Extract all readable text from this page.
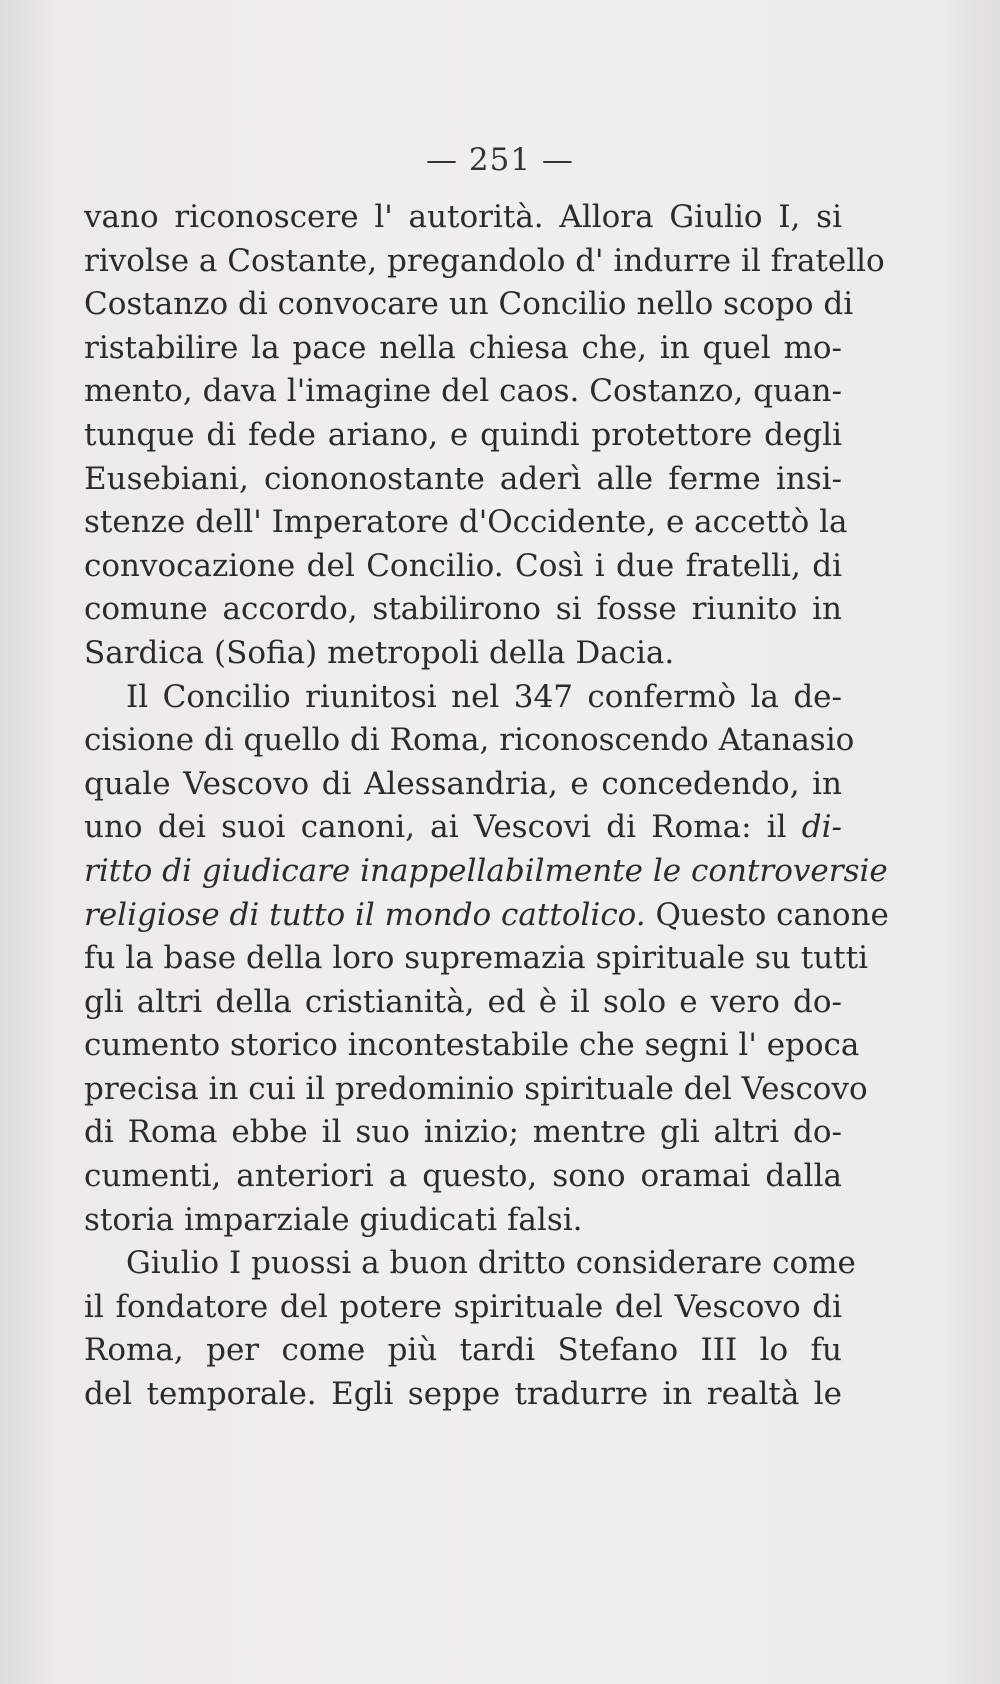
— 251 —
vano riconoscere l' autorità. Allora Giulio I, si
rivolse a Costante, pregandolo d' indurre il fratello
Costanzo di convocare un Concilio nello scopo di
ristabilire la pace nella chiesa che, in quel mo-
mento, dava l'imagine del caos. Costanzo, quan-
tunque di fede ariano, e quindi protettore degli
Eusebiani, ciononostante aderì alle ferme insi-
stenze dell' Imperatore d'Occidente, e accettò la
convocazione del Concilio. Così i due fratelli, di
comune accordo, stabilirono si fosse riunito in
Sardica (Sofia) metropoli della Dacia.
Il Concilio riunitosi nel 347 confermò la de-
cisione di quello di Roma, riconoscendo Atanasio
quale Vescovo di Alessandria, e concedendo, in
uno dei suoi canoni, ai Vescovi di Roma: il di-
ritto di giudicare inappellabilmente le controversie
religiose di tutto il mondo cattolico. Questo canone
fu la base della loro supremazia spirituale su tutti
gli altri della cristianità, ed è il solo e vero do-
cumento storico incontestabile che segni l' epoca
precisa in cui il predominio spirituale del Vescovo
di Roma ebbe il suo inizio; mentre gli altri do-
cumenti, anteriori a questo, sono oramai dalla
storia imparziale giudicati falsi.
Giulio I puossi a buon dritto considerare come
il fondatore del potere spirituale del Vescovo di
Roma, per come più tardi Stefano III lo fu
del temporale. Egli seppe tradurre in realtà le
